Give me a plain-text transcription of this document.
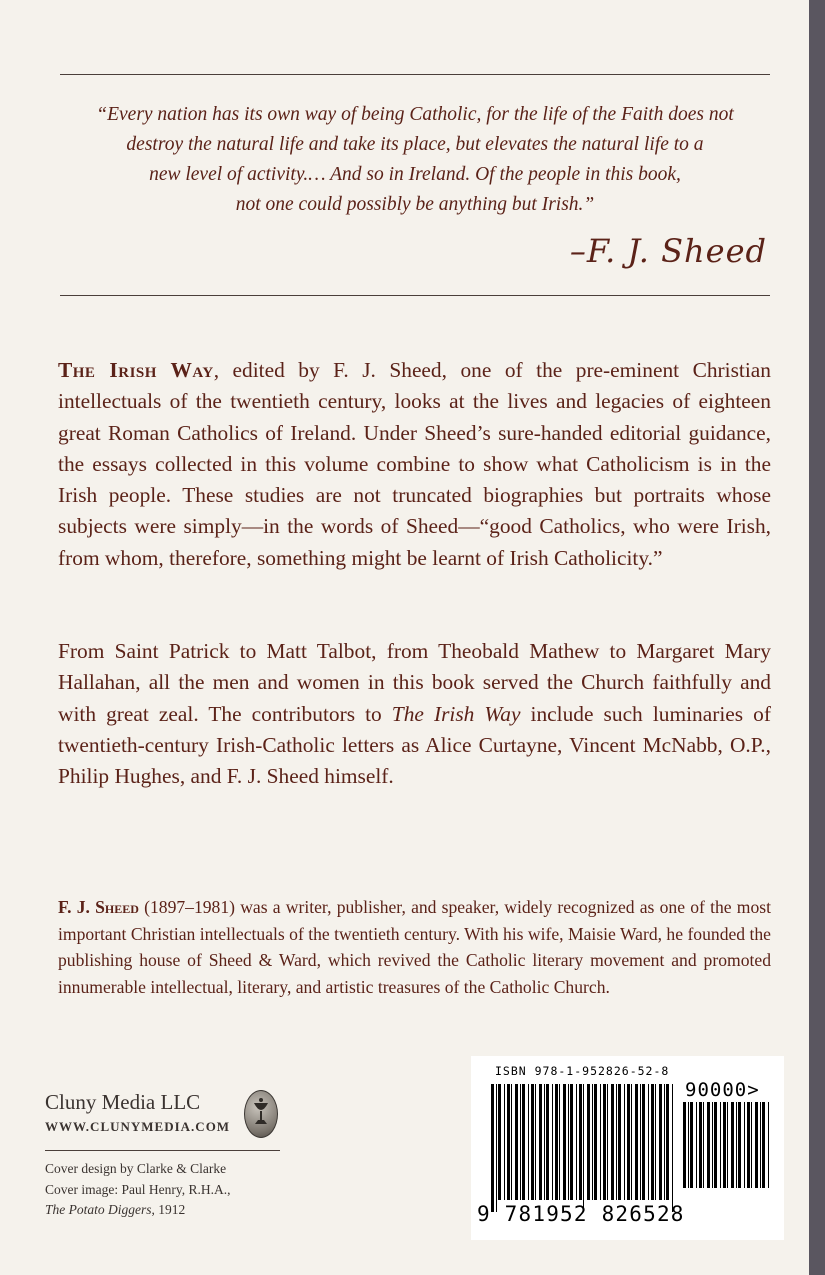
“Every nation has its own way of being Catholic, for the life of the Faith does not

destroy the natural life and take its place, but elevates the natural life to a

new level of activity.… And so in Ireland. Of the people in this book,

not one could possibly be anything but Irish.”

–F. J. Sheed

The Irish Way, edited by F. J. Sheed, one of the pre-eminent Christian intellectuals of the twentieth century, looks at the lives and legacies of eighteen great Roman Catholics of Ireland. Under Sheed’s sure-handed editorial guidance, the essays collected in this volume combine to show what Catholicism is in the Irish people. These studies are not truncated biographies but portraits whose subjects were simply—in the words of Sheed—“good Catholics, who were Irish, from whom, therefore, something might be learnt of Irish Catholicity.”

From Saint Patrick to Matt Talbot, from Theobald Mathew to Margaret Mary Hallahan, all the men and women in this book served the Church faithfully and with great zeal. The contributors to The Irish Way include such luminaries of twentieth-century Irish-Catholic letters as Alice Curtayne, Vincent McNabb, O.P., Philip Hughes, and F. J. Sheed himself.

F. J. Sheed (1897–1981) was a writer, publisher, and speaker, widely recognized as one of the most important Christian intellectuals of the twentieth century. With his wife, Maisie Ward, he founded the publishing house of Sheed & Ward, which revived the Catholic literary movement and promoted innumerable intellectual, literary, and artistic treasures of the Catholic Church.
Cluny Media LLC
WWW.CLUNYMEDIA.COM
Cover design by Clarke & Clarke
Cover image: Paul Henry, R.H.A.,
The Potato Diggers, 1912
ISBN 978-1-952826-52-8
90000>
9 781952 826528
